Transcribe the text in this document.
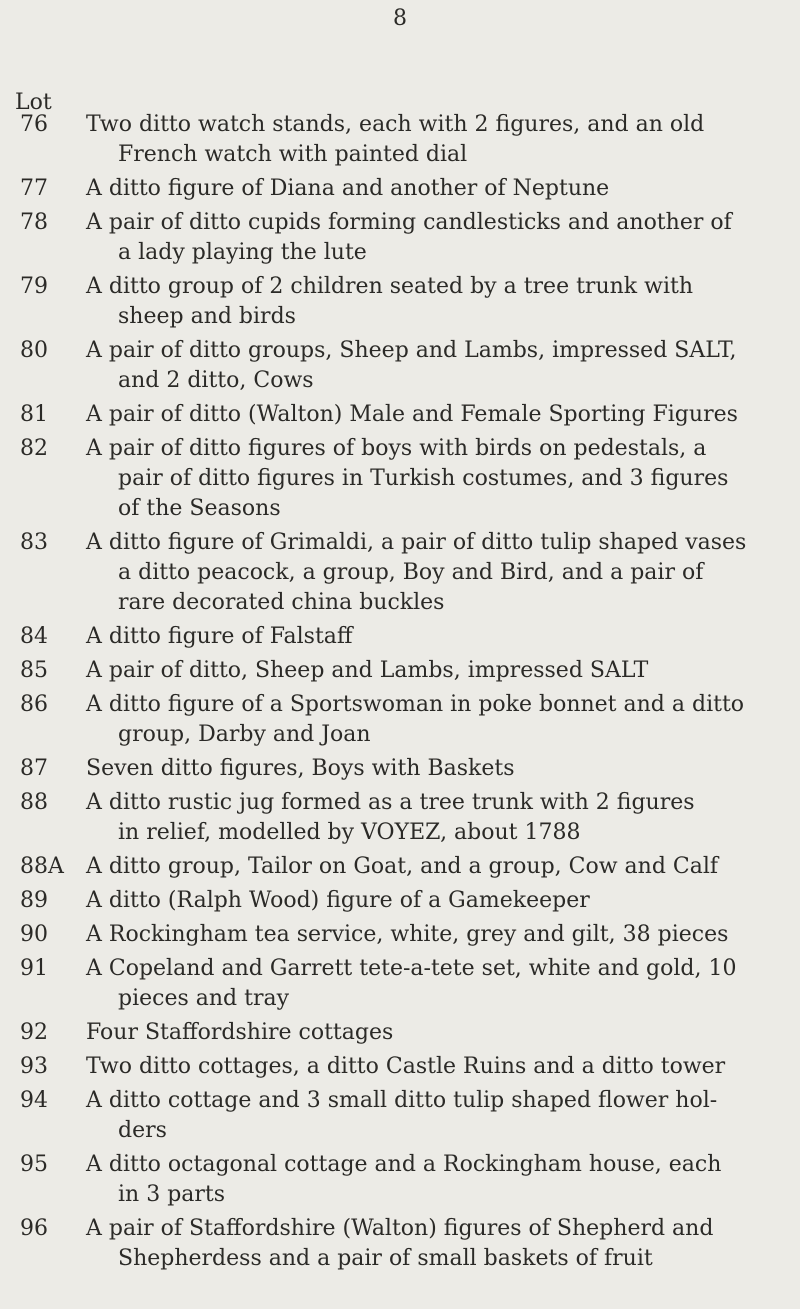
8
Lot
76	Two ditto watch stands, each with 2 figures, and an old
French watch with painted dial
77	A ditto figure of Diana and another of Neptune
78	A pair of ditto cupids forming candlesticks and another of
a lady playing the lute
79	A ditto group of 2 children seated by a tree trunk with
sheep and birds
80	A pair of ditto groups, Sheep and Lambs, impressed SALT,
and 2 ditto, Cows
81	A pair of ditto (Walton) Male and Female Sporting Figures
82	A pair of ditto figures of boys with birds on pedestals, a
pair of ditto figures in Turkish costumes, and 3 figures
of the Seasons
83	A ditto figure of Grimaldi, a pair of ditto tulip shaped vases
a ditto peacock, a group, Boy and Bird, and a pair of
rare decorated china buckles
84	A ditto figure of Falstaff
85	A pair of ditto, Sheep and Lambs, impressed SALT
86	A ditto figure of a Sportswoman in poke bonnet and a ditto
group, Darby and Joan
87	Seven ditto figures, Boys with Baskets
88	A ditto rustic jug formed as a tree trunk with 2 figures
in relief, modelled by VOYEZ, about 1788
88A	A ditto group, Tailor on Goat, and a group, Cow and Calf
89	A ditto (Ralph Wood) figure of a Gamekeeper
90	A Rockingham tea service, white, grey and gilt, 38 pieces
91	A Copeland and Garrett tete-a-tete set, white and gold, 10
pieces and tray
92	Four Staffordshire cottages
93	Two ditto cottages, a ditto Castle Ruins and a ditto tower
94	A ditto cottage and 3 small ditto tulip shaped flower hol-
ders
95	A ditto octagonal cottage and a Rockingham house, each
in 3 parts
96	A pair of Staffordshire (Walton) figures of Shepherd and
Shepherdess and a pair of small baskets of fruit
